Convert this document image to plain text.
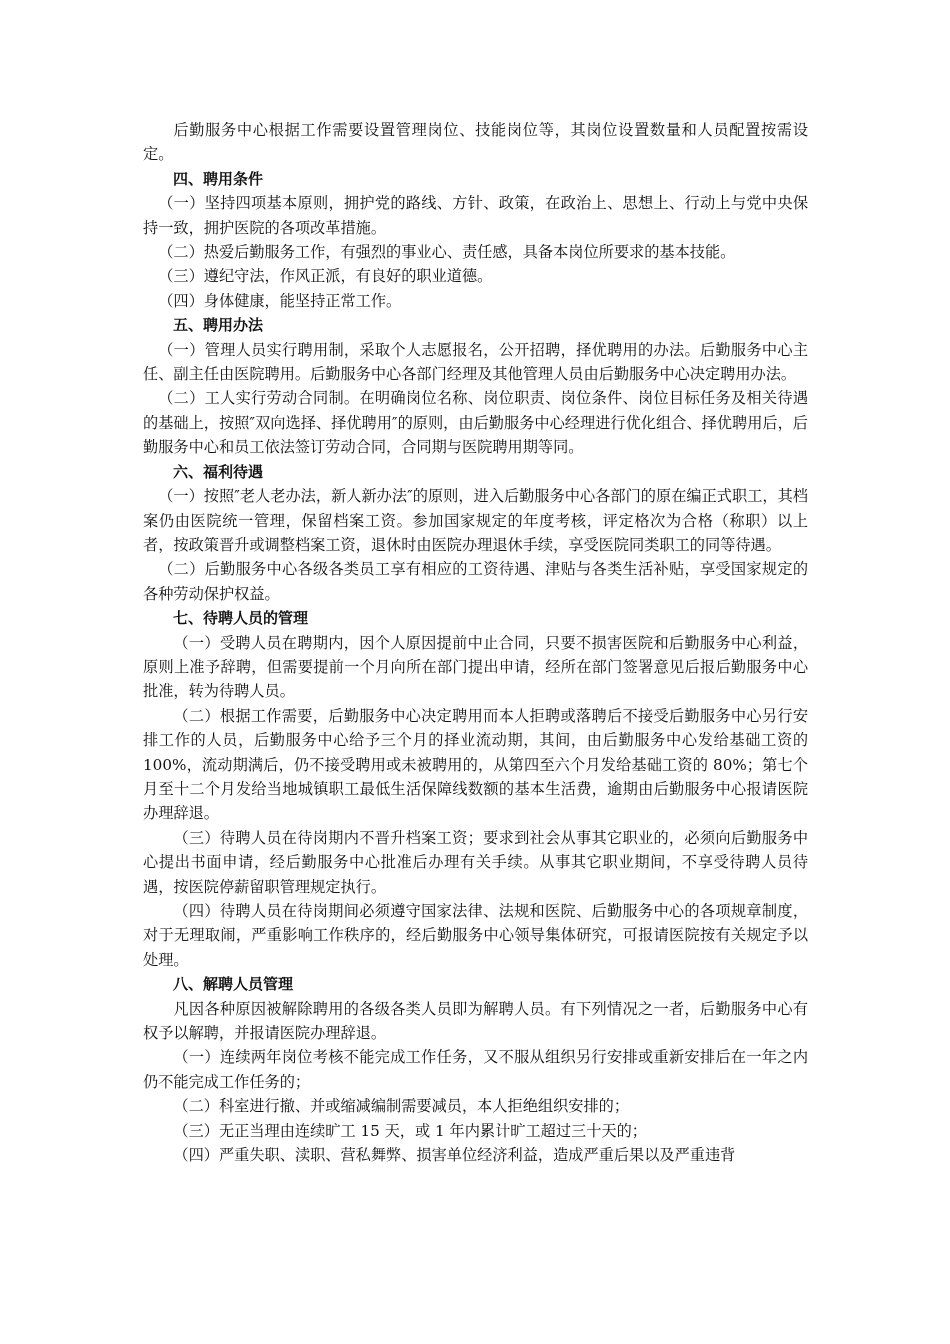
后勤服务中心根据工作需要设置管理岗位、技能岗位等，其岗位设置数量和人员配置按需设定。

四、聘用条件

（一）坚持四项基本原则，拥护党的路线、方针、政策，在政治上、思想上、行动上与党中央保持一致，拥护医院的各项改革措施。

（二）热爱后勤服务工作，有强烈的事业心、责任感，具备本岗位所要求的基本技能。

（三）遵纪守法，作风正派，有良好的职业道德。

（四）身体健康，能坚持正常工作。

五、聘用办法

（一）管理人员实行聘用制，采取个人志愿报名，公开招聘，择优聘用的办法。后勤服务中心主任、副主任由医院聘用。后勤服务中心各部门经理及其他管理人员由后勤服务中心决定聘用办法。

（二）工人实行劳动合同制。在明确岗位名称、岗位职责、岗位条件、岗位目标任务及相关待遇的基础上，按照″双向选择、择优聘用″的原则，由后勤服务中心经理进行优化组合、择优聘用后，后勤服务中心和员工依法签订劳动合同，合同期与医院聘用期等同。

六、福利待遇

（一）按照″老人老办法，新人新办法″的原则，进入后勤服务中心各部门的原在编正式职工，其档案仍由医院统一管理，保留档案工资。参加国家规定的年度考核，评定格次为合格（称职）以上者，按政策晋升或调整档案工资，退休时由医院办理退休手续，享受医院同类职工的同等待遇。

（二）后勤服务中心各级各类员工享有相应的工资待遇、津贴与各类生活补贴，享受国家规定的各种劳动保护权益。

七、待聘人员的管理

（一）受聘人员在聘期内，因个人原因提前中止合同，只要不损害医院和后勤服务中心利益，原则上准予辞聘，但需要提前一个月向所在部门提出申请，经所在部门签署意见后报后勤服务中心批准，转为待聘人员。

（二）根据工作需要，后勤服务中心决定聘用而本人拒聘或落聘后不接受后勤服务中心另行安排工作的人员，后勤服务中心给予三个月的择业流动期，其间，由后勤服务中心发给基础工资的100%，流动期满后，仍不接受聘用或未被聘用的，从第四至六个月发给基础工资的 80%；第七个月至十二个月发给当地城镇职工最低生活保障线数额的基本生活费，逾期由后勤服务中心报请医院办理辞退。

（三）待聘人员在待岗期内不晋升档案工资；要求到社会从事其它职业的，必须向后勤服务中心提出书面申请，经后勤服务中心批准后办理有关手续。从事其它职业期间，不享受待聘人员待遇，按医院停薪留职管理规定执行。

（四）待聘人员在待岗期间必须遵守国家法律、法规和医院、后勤服务中心的各项规章制度，对于无理取闹，严重影响工作秩序的，经后勤服务中心领导集体研究，可报请医院按有关规定予以处理。

八、解聘人员管理

凡因各种原因被解除聘用的各级各类人员即为解聘人员。有下列情况之一者，后勤服务中心有权予以解聘，并报请医院办理辞退。

（一）连续两年岗位考核不能完成工作任务，又不服从组织另行安排或重新安排后在一年之内仍不能完成工作任务的；

（二）科室进行撤、并或缩减编制需要减员，本人拒绝组织安排的；

（三）无正当理由连续旷工 15 天，或 1 年内累计旷工超过三十天的；

（四）严重失职、渎职、营私舞弊、损害单位经济利益，造成严重后果以及严重违背
